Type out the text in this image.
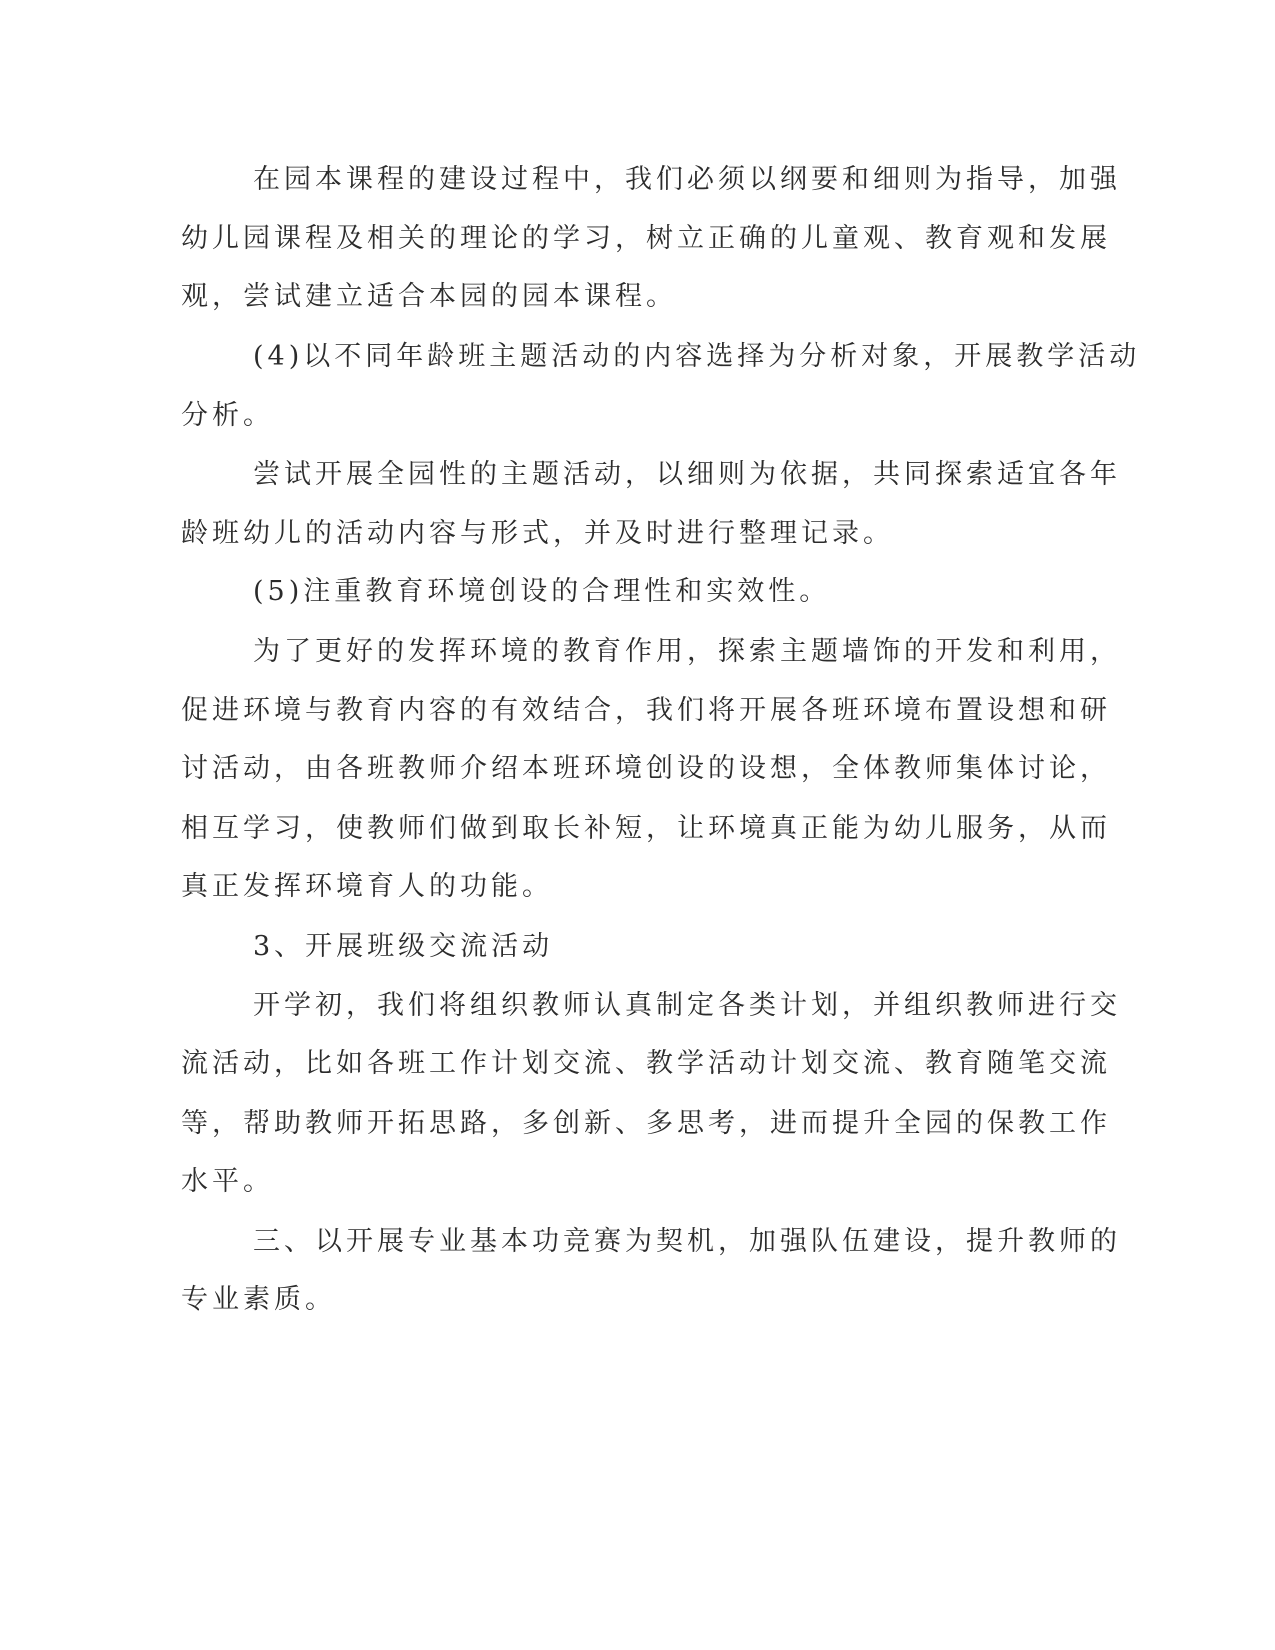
在园本课程的建设过程中，我们必须以纲要和细则为指导，加强

幼儿园课程及相关的理论的学习，树立正确的儿童观、教育观和发展

观，尝试建立适合本园的园本课程。

(4)以不同年龄班主题活动的内容选择为分析对象，开展教学活动

分析。

尝试开展全园性的主题活动，以细则为依据，共同探索适宜各年

龄班幼儿的活动内容与形式，并及时进行整理记录。

(5)注重教育环境创设的合理性和实效性。

为了更好的发挥环境的教育作用，探索主题墙饰的开发和利用，

促进环境与教育内容的有效结合，我们将开展各班环境布置设想和研

讨活动，由各班教师介绍本班环境创设的设想，全体教师集体讨论，

相互学习，使教师们做到取长补短，让环境真正能为幼儿服务，从而

真正发挥环境育人的功能。

3、开展班级交流活动

开学初，我们将组织教师认真制定各类计划，并组织教师进行交

流活动，比如各班工作计划交流、教学活动计划交流、教育随笔交流

等，帮助教师开拓思路，多创新、多思考，进而提升全园的保教工作

水平。

三、以开展专业基本功竞赛为契机，加强队伍建设，提升教师的

专业素质。
